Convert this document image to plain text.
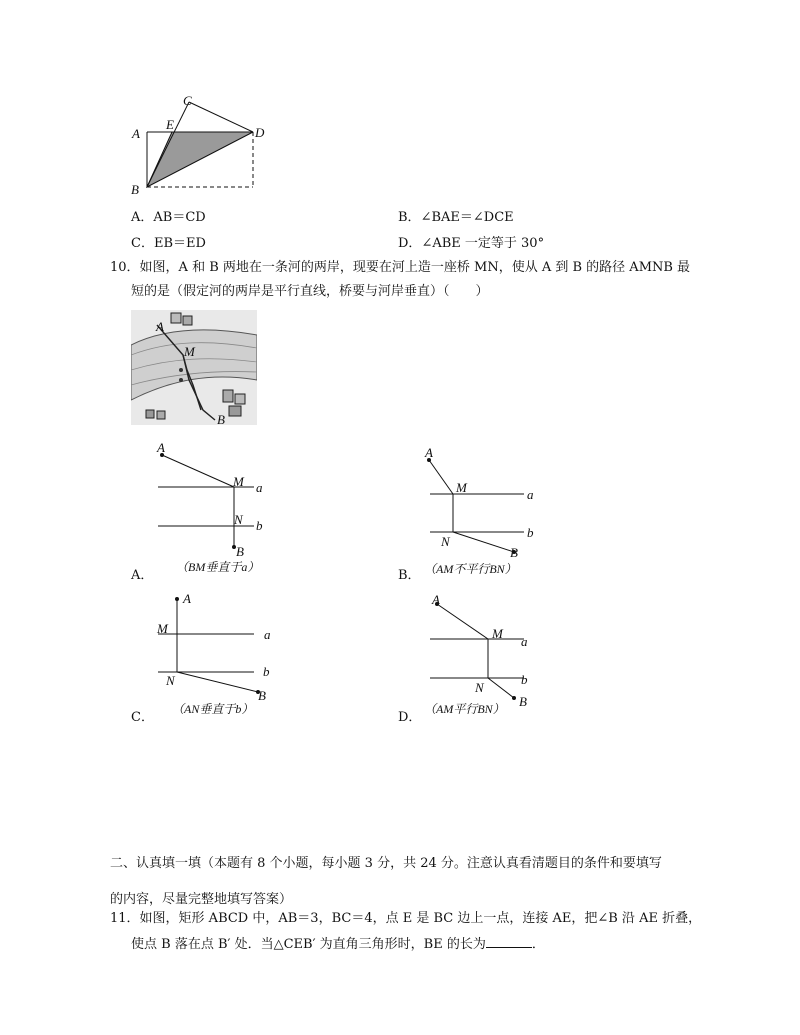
C
E
A	D
B
A．AB＝CD	B．∠BAE＝∠DCE
C．EB＝ED	D．∠ABE 一定等于 30°
10．如图，A 和 B 两地在一条河的两岸，现要在河上造一座桥 MN，使从 A 到 B 的路径 AMNB 最
短的是（假定河的两岸是平行直线，桥要与河岸垂直）（　　）
A
M
B
A
M a
N b
B
（BM垂直于a）
A．
A
M	a
N
b
B
（AM不平行BN）
B．
A
M	a
N
b
B
（AN垂直于b）
C．
A
M
a
N
b
B
（AM平行BN）
D．
二、认真填一填（本题有 8 个小题，每小题 3 分，共 24 分。注意认真看清题目的条件和要填写
的内容，尽量完整地填写答案）
11．如图，矩形 ABCD 中，AB＝3，BC＝4，点 E 是 BC 边上一点，连接 AE，把∠B 沿 AE 折叠，
使点 B 落在点 B′ 处．当△CEB′ 为直角三角形时，BE 的长为	．
